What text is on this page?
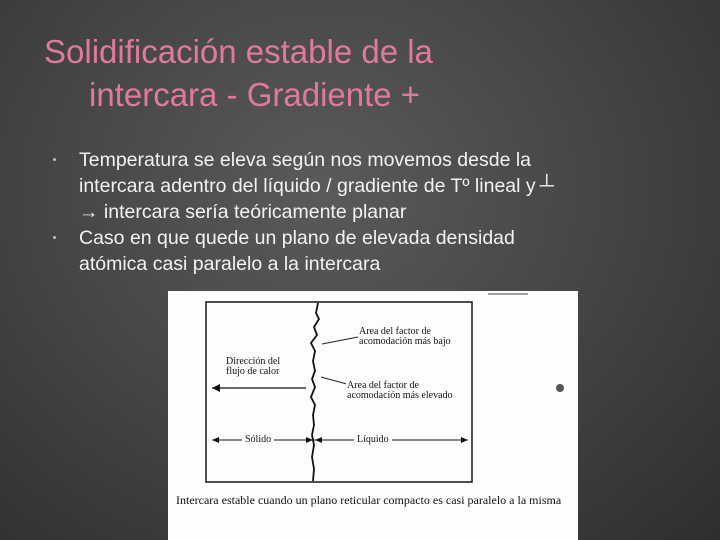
Solidificación estable de la
intercara - Gradiente +
Temperatura se eleva según nos movemos desde la
intercara adentro del líquido / gradiente de Tº lineal y ┴
→ intercara sería teóricamente planar
Caso en que quede un plano de elevada densidad
atómica casi paralelo a la intercara
Area del factor de
acomodación más bajo
Area del factor de
acomodación más elevado
Dirección del
flujo de calor
Sólido	Líquido
Intercara estable cuando un plano reticular compacto es casi paralelo a la misma
